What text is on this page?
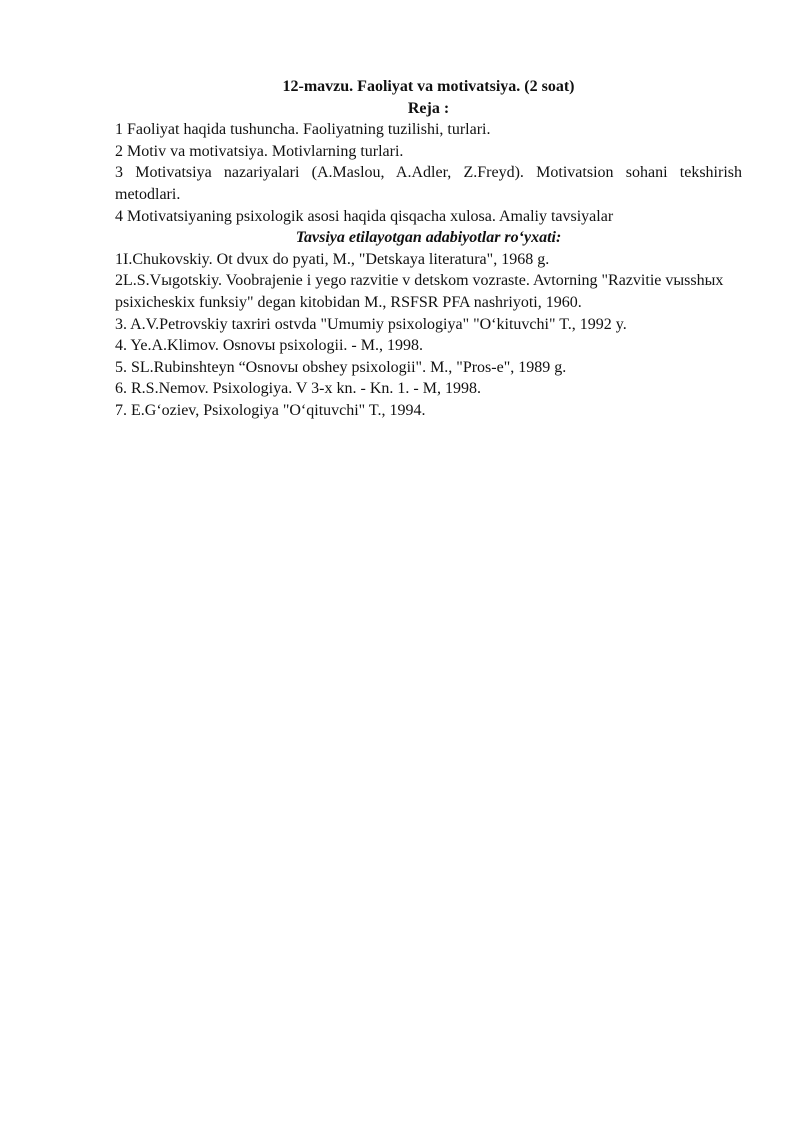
12-mavzu. Faoliyat va motivatsiya. (2 soat)
Reja :

1 Faoliyat haqida tushuncha. Faoliyatning tuzilishi, turlari.

2 Motiv va motivatsiya. Motivlarning turlari.

3 Motivatsiya nazariyalari (A.Maslou, A.Adler, Z.Freyd). Motivatsion sohani tekshirish metodlari.

4 Motivatsiyaning psixologik asosi haqida qisqacha xulosa. Amaliy tavsiyalar

Tavsiya etilayotgan adabiyotlar ro‘yxati:

1I.Chukovskiy. Ot dvux do pyati, M., "Detskaya literatura", 1968 g.

2L.S.Vыgotskiy. Voobrajenie i yego razvitie v detskom vozraste. Avtorning "Razvitie vыsshыx psixicheskix funksiy" degan kitobidan M., RSFSR PFA nashriyoti, 1960.

3. A.V.Petrovskiy taxriri ostvda "Umumiy psixologiya" "O‘kituvchi" T., 1992 y.

4. Ye.A.Klimov. Osnovы psixologii. - M., 1998.

5. SL.Rubinshteyn “Osnovы obshey psixologii". M., "Pros-e", 1989 g.

6. R.S.Nemov. Psixologiya. V 3-x kn. - Kn. 1. - M, 1998.

7. E.G‘oziev, Psixologiya "O‘qituvchi" T., 1994.
